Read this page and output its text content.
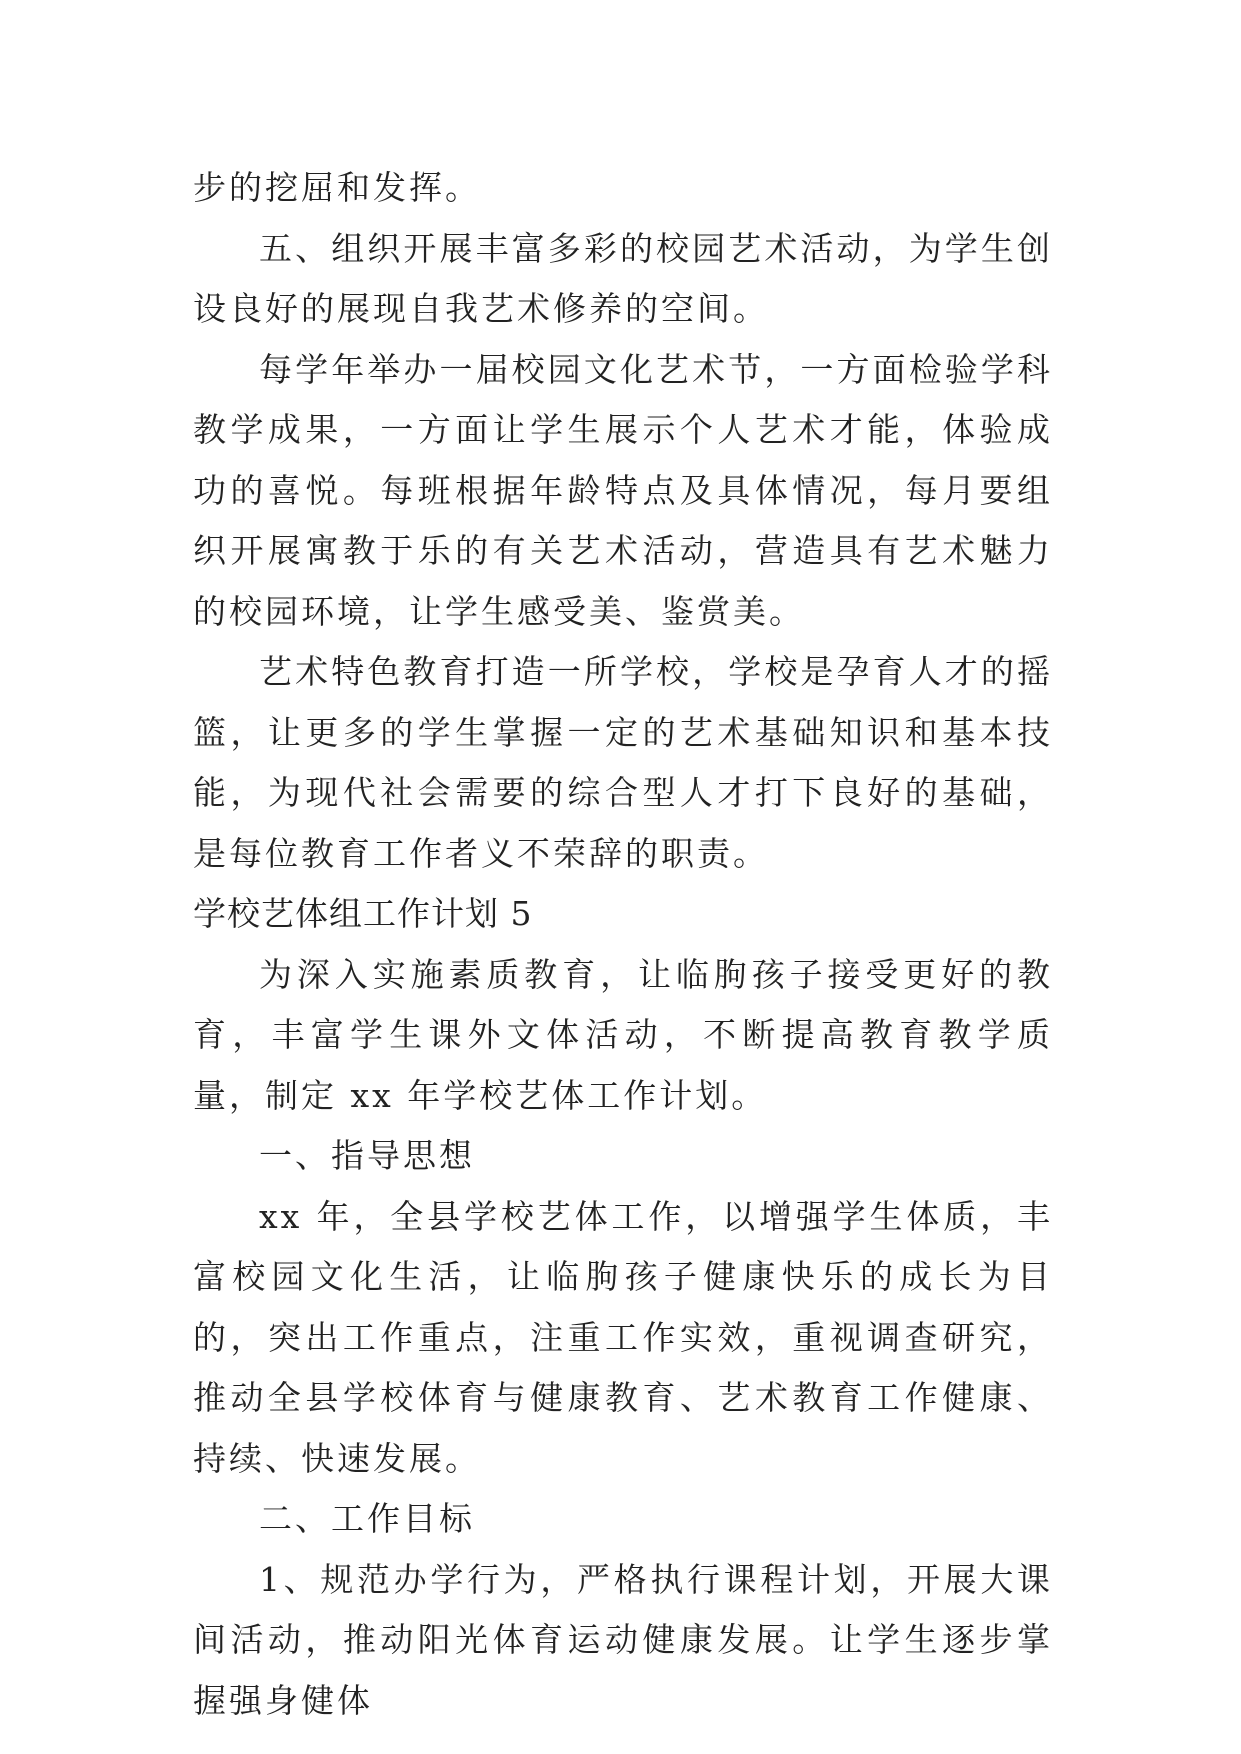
步的挖屈和发挥。

五、组织开展丰富多彩的校园艺术活动，为学生创设良好的展现自我艺术修养的空间。

每学年举办一届校园文化艺术节，一方面检验学科教学成果，一方面让学生展示个人艺术才能，体验成功的喜悦。每班根据年龄特点及具体情况，每月要组织开展寓教于乐的有关艺术活动，营造具有艺术魅力的校园环境，让学生感受美、鉴赏美。

艺术特色教育打造一所学校，学校是孕育人才的摇篮，让更多的学生掌握一定的艺术基础知识和基本技能，为现代社会需要的综合型人才打下良好的基础，是每位教育工作者义不荣辞的职责。

学校艺体组工作计划 5

为深入实施素质教育，让临朐孩子接受更好的教育，丰富学生课外文体活动，不断提高教育教学质量，制定 xx 年学校艺体工作计划。

一、指导思想

xx 年，全县学校艺体工作，以增强学生体质，丰富校园文化生活，让临朐孩子健康快乐的成长为目的，突出工作重点，注重工作实效，重视调查研究，推动全县学校体育与健康教育、艺术教育工作健康、持续、快速发展。

二、工作目标

1、规范办学行为，严格执行课程计划，开展大课间活动，推动阳光体育运动健康发展。让学生逐步掌握强身健体
